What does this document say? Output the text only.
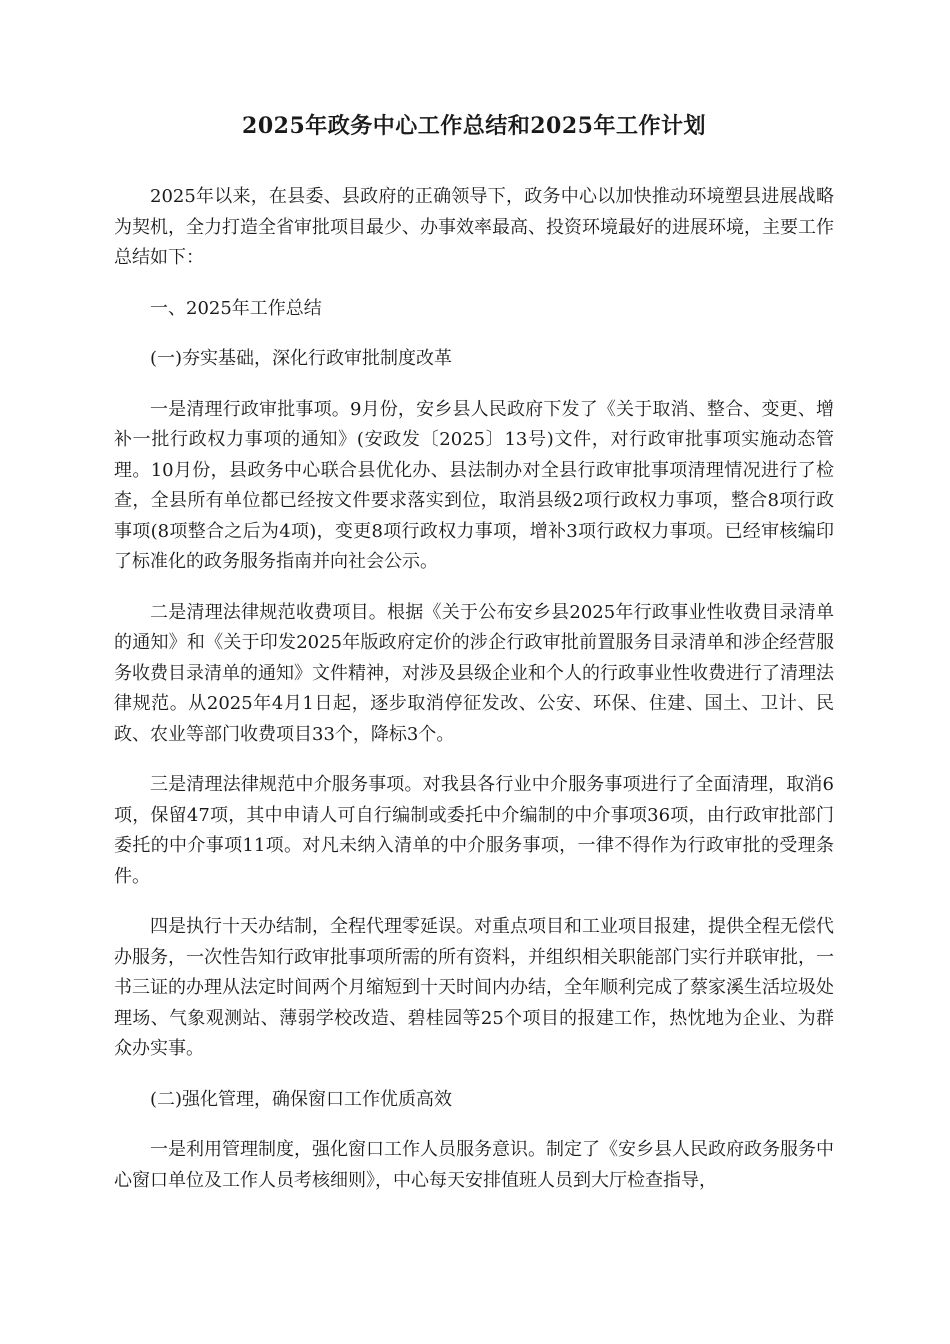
2025年政务中心工作总结和2025年工作计划

2025年以来，在县委、县政府的正确领导下，政务中心以加快推动环境塑县进展战略为契机，全力打造全省审批项目最少、办事效率最高、投资环境最好的进展环境，主要工作总结如下：

一、2025年工作总结

(一)夯实基础，深化行政审批制度改革

一是清理行政审批事项。9月份，安乡县人民政府下发了《关于取消、整合、变更、增补一批行政权力事项的通知》(安政发〔2025〕13号)文件，对行政审批事项实施动态管理。10月份，县政务中心联合县优化办、县法制办对全县行政审批事项清理情况进行了检查，全县所有单位都已经按文件要求落实到位，取消县级2项行政权力事项，整合8项行政事项(8项整合之后为4项)，变更8项行政权力事项，增补3项行政权力事项。已经审核编印了标准化的政务服务指南并向社会公示。

二是清理法律规范收费项目。根据《关于公布安乡县2025年行政事业性收费目录清单的通知》和《关于印发2025年版政府定价的涉企行政审批前置服务目录清单和涉企经营服务收费目录清单的通知》文件精神，对涉及县级企业和个人的行政事业性收费进行了清理法律规范。从2025年4月1日起，逐步取消停征发改、公安、环保、住建、国土、卫计、民政、农业等部门收费项目33个，降标3个。

三是清理法律规范中介服务事项。对我县各行业中介服务事项进行了全面清理，取消6项，保留47项，其中申请人可自行编制或委托中介编制的中介事项36项，由行政审批部门委托的中介事项11项。对凡未纳入清单的中介服务事项，一律不得作为行政审批的受理条件。

四是执行十天办结制，全程代理零延误。对重点项目和工业项目报建，提供全程无偿代办服务，一次性告知行政审批事项所需的所有资料，并组织相关职能部门实行并联审批，一书三证的办理从法定时间两个月缩短到十天时间内办结，全年顺利完成了蔡家溪生活垃圾处理场、气象观测站、薄弱学校改造、碧桂园等25个项目的报建工作，热忱地为企业、为群众办实事。

(二)强化管理，确保窗口工作优质高效

一是利用管理制度，强化窗口工作人员服务意识。制定了《安乡县人民政府政务服务中心窗口单位及工作人员考核细则》，中心每天安排值班人员到大厅检查指导，
